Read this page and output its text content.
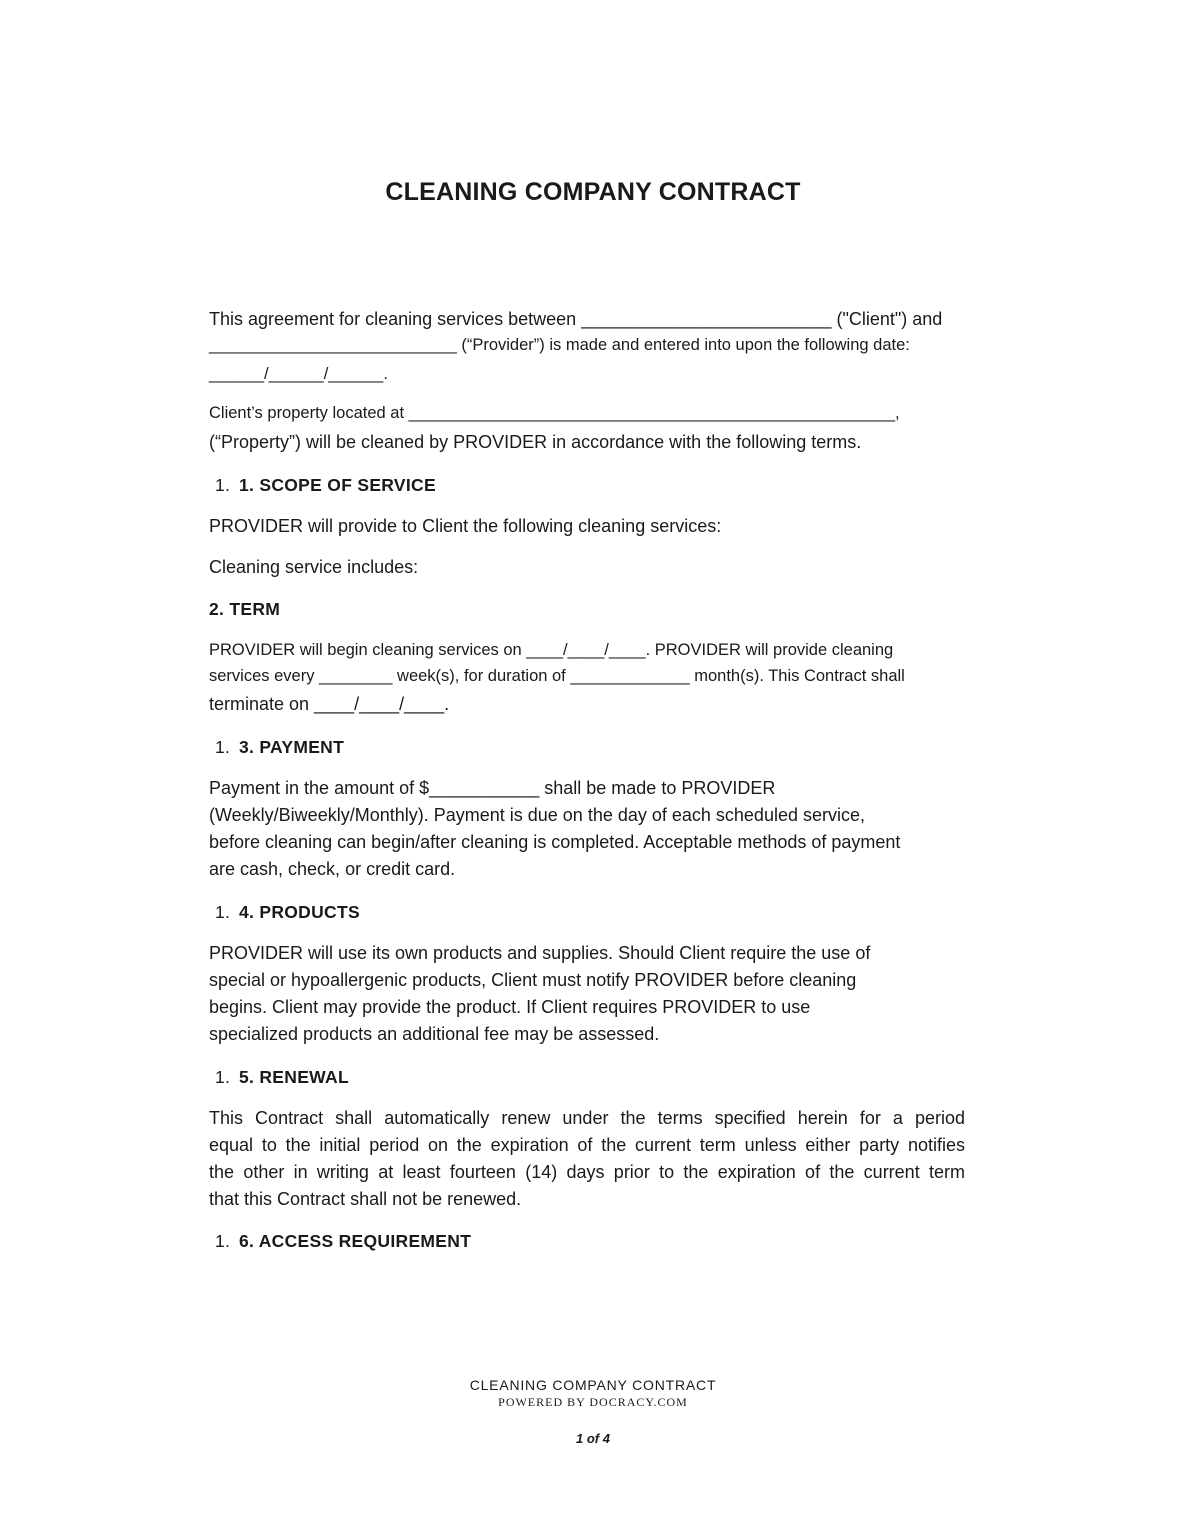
CLEANING COMPANY CONTRACT

This agreement for cleaning services between _________________________ ("Client") and

___________________________ (“Provider”) is made and entered into upon the following date:

______/______/______.

Client’s property located at _____________________________________________________,

(“Property”) will be cleaned by PROVIDER in accordance with the following terms.

1. 1. SCOPE OF SERVICE

PROVIDER will provide to Client the following cleaning services:

Cleaning service includes:

2. TERM

PROVIDER will begin cleaning services on ____/____/____. PROVIDER will provide cleaning

services every ________ week(s), for duration of _____________ month(s). This Contract shall

terminate on ____/____/____.

1. 3. PAYMENT

Payment in the amount of $___________ shall be made to PROVIDER

(Weekly/Biweekly/Monthly). Payment is due on the day of each scheduled service,

before cleaning can begin/after cleaning is completed. Acceptable methods of payment

are cash, check, or credit card.

1. 4. PRODUCTS

PROVIDER will use its own products and supplies. Should Client require the use of

special or hypoallergenic products, Client must notify PROVIDER before cleaning

begins. Client may provide the product. If Client requires PROVIDER to use

specialized products an additional fee may be assessed.

1. 5. RENEWAL

This Contract shall automatically renew under the terms specified herein for a period

equal to the initial period on the expiration of the current term unless either party notifies

the other in writing at least fourteen (14) days prior to the expiration of the current term

that this Contract shall not be renewed.

1. 6. ACCESS REQUIREMENT

CLEANING COMPANY CONTRACT

POWERED BY DOCRACY.COM

1 of 4
